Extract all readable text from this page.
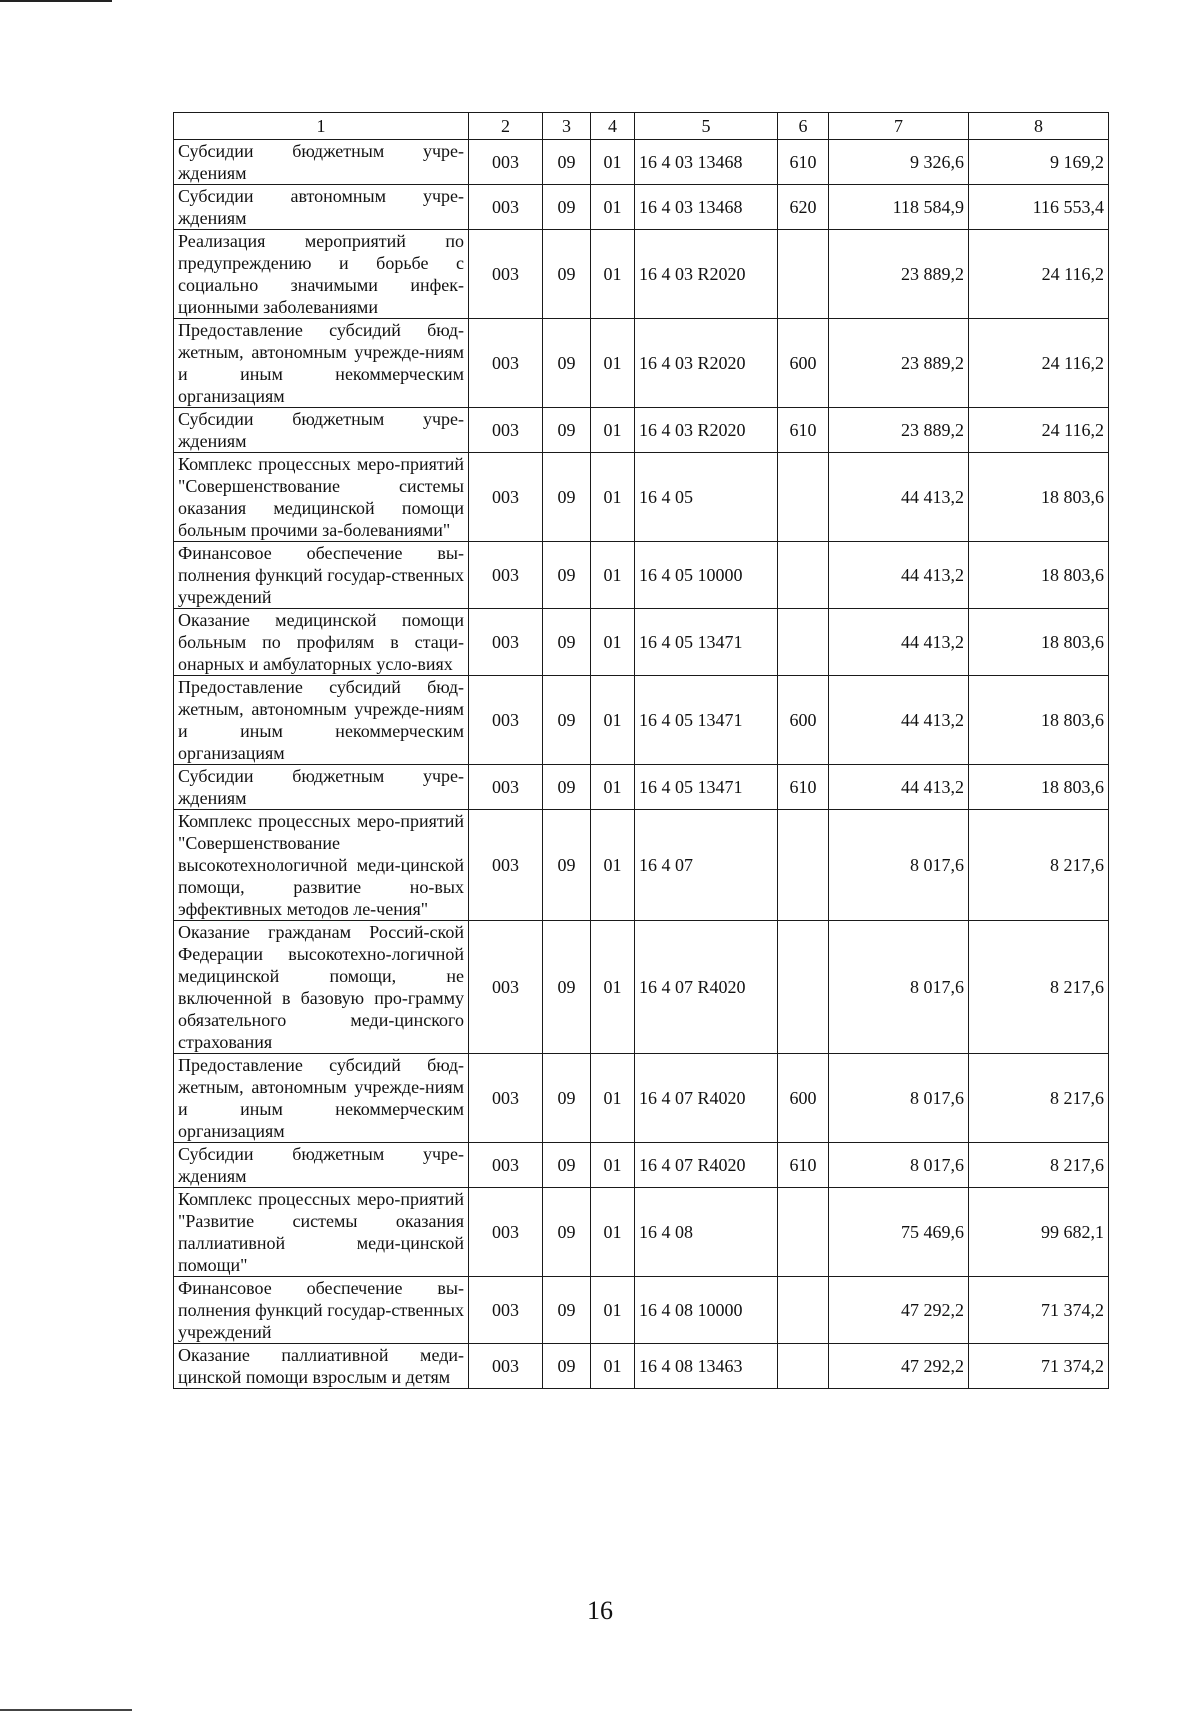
1	2	3	4	5	6	7	8
Субсидии бюджетным учре-ждениям	003	09	01	16 4 03 13468	610	9 326,6	9 169,2
Субсидии автономным учре-ждениям	003	09	01	16 4 03 13468	620	118 584,9	116 553,4
Реализация мероприятий по предупреждению и борьбе с социально значимыми инфек-ционными заболеваниями	003	09	01	16 4 03 R2020		23 889,2	24 116,2
Предоставление субсидий бюд-жетным, автономным учрежде-ниям и иным некоммерческим организациям	003	09	01	16 4 03 R2020	600	23 889,2	24 116,2
Субсидии бюджетным учре-ждениям	003	09	01	16 4 03 R2020	610	23 889,2	24 116,2
Комплекс процессных меро-приятий "Совершенствование системы оказания медицинской помощи больным прочими за-болеваниями"	003	09	01	16 4 05		44 413,2	18 803,6
Финансовое обеспечение вы-полнения функций государ-ственных учреждений	003	09	01	16 4 05 10000		44 413,2	18 803,6
Оказание медицинской помощи больным по профилям в стаци-онарных и амбулаторных усло-виях	003	09	01	16 4 05 13471		44 413,2	18 803,6
Предоставление субсидий бюд-жетным, автономным учрежде-ниям и иным некоммерческим организациям	003	09	01	16 4 05 13471	600	44 413,2	18 803,6
Субсидии бюджетным учре-ждениям	003	09	01	16 4 05 13471	610	44 413,2	18 803,6
Комплекс процессных меро-приятий "Совершенствование высокотехнологичной меди-цинской помощи, развитие но-вых эффективных методов ле-чения"	003	09	01	16 4 07		8 017,6	8 217,6
Оказание гражданам Россий-ской Федерации высокотехно-логичной медицинской помощи, не включенной в базовую про-грамму обязательного меди-цинского страхования	003	09	01	16 4 07 R4020		8 017,6	8 217,6
Предоставление субсидий бюд-жетным, автономным учрежде-ниям и иным некоммерческим организациям	003	09	01	16 4 07 R4020	600	8 017,6	8 217,6
Субсидии бюджетным учре-ждениям	003	09	01	16 4 07 R4020	610	8 017,6	8 217,6
Комплекс процессных меро-приятий "Развитие системы оказания паллиативной меди-цинской помощи"	003	09	01	16 4 08		75 469,6	99 682,1
Финансовое обеспечение вы-полнения функций государ-ственных учреждений	003	09	01	16 4 08 10000		47 292,2	71 374,2
Оказание паллиативной меди-цинской помощи взрослым и детям	003	09	01	16 4 08 13463		47 292,2	71 374,2
16
